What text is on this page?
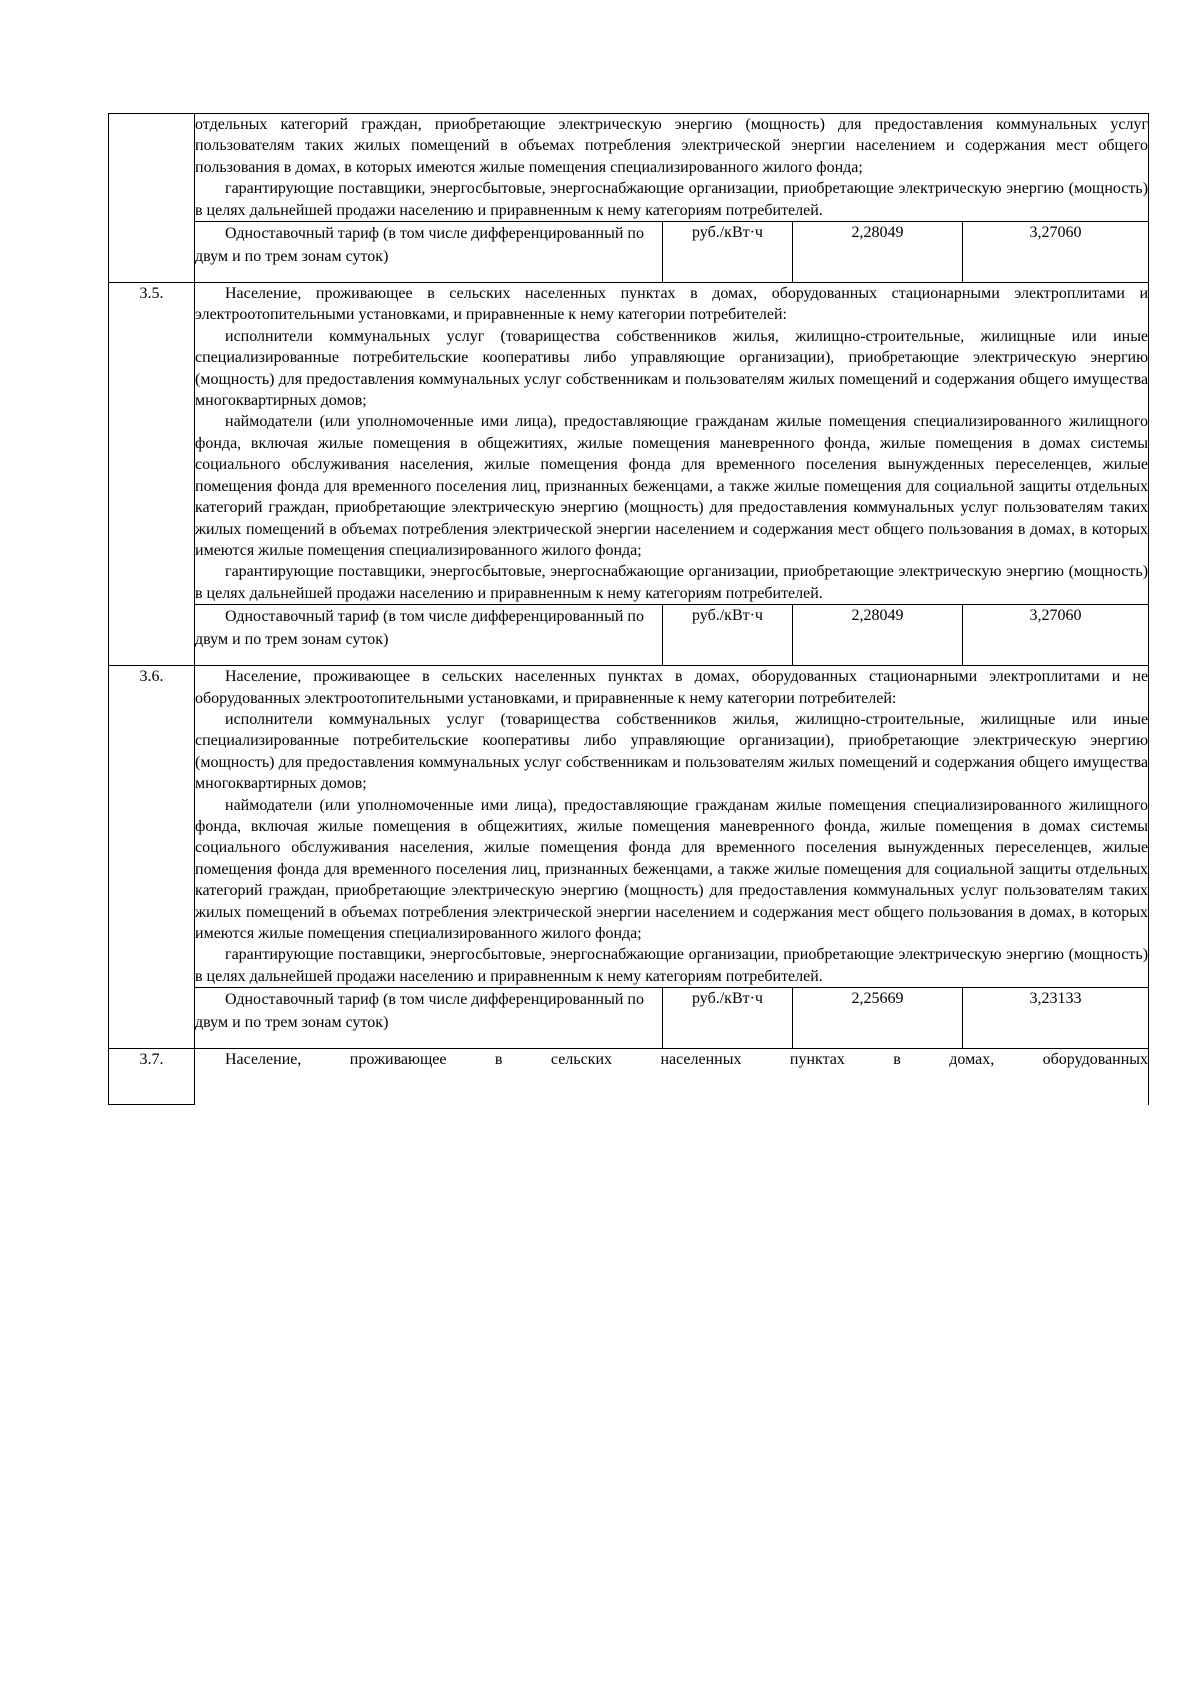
	отдельных категорий граждан, приобретающие электрическую энергию (мощность) для предоставления коммунальных услуг пользователям таких жилых помещений в объемах потребления электрической энергии населением и содержания мест общего пользования в домах, в которых имеются жилые помещения специализированного жилого фонда;

гарантирующие поставщики, энергосбытовые, энергоснабжающие организации, приобретающие электрическую энергию (мощность) в целях дальнейшей продажи населению и приравненным к нему категориям потребителей.			

	Одноставочный тариф (в том числе дифференцированный по двум и по трем зонам суток)	руб./кВт·ч	2,28049	3,27060
3.5.	Население, проживающее в сельских населенных пунктах в домах, оборудованных стационарными электроплитами и электроотопительными установками, и приравненные к нему категории потребителей:

исполнители коммунальных услуг (товарищества собственников жилья, жилищно-строительные, жилищные или иные специализированные потребительские кооперативы либо управляющие организации), приобретающие электрическую энергию (мощность) для предоставления коммунальных услуг собственникам и пользователям жилых помещений и содержания общего имущества многоквартирных домов;

наймодатели (или уполномоченные ими лица), предоставляющие гражданам жилые помещения специализированного жилищного фонда, включая жилые помещения в общежитиях, жилые помещения маневренного фонда, жилые помещения в домах системы социального обслуживания населения, жилые помещения фонда для временного поселения вынужденных переселенцев, жилые помещения фонда для временного поселения лиц, признанных беженцами, а также жилые помещения для социальной защиты отдельных категорий граждан, приобретающие электрическую энергию (мощность) для предоставления коммунальных услуг пользователям таких жилых помещений в объемах потребления электрической энергии населением и содержания мест общего пользования в домах, в которых имеются жилые помещения специализированного жилого фонда;

гарантирующие поставщики, энергосбытовые, энергоснабжающие организации, приобретающие электрическую энергию (мощность) в целях дальнейшей продажи населению и приравненным к нему категориям потребителей.			

	Одноставочный тариф (в том числе дифференцированный по двум и по трем зонам суток)	руб./кВт·ч	2,28049	3,27060
3.6.	Население, проживающее в сельских населенных пунктах в домах, оборудованных стационарными электроплитами и не оборудованных электроотопительными установками, и приравненные к нему категории потребителей:

исполнители коммунальных услуг (товарищества собственников жилья, жилищно-строительные, жилищные или иные специализированные потребительские кооперативы либо управляющие организации), приобретающие электрическую энергию (мощность) для предоставления коммунальных услуг собственникам и пользователям жилых помещений и содержания общего имущества многоквартирных домов;

наймодатели (или уполномоченные ими лица), предоставляющие гражданам жилые помещения специализированного жилищного фонда, включая жилые помещения в общежитиях, жилые помещения маневренного фонда, жилые помещения в домах системы социального обслуживания населения, жилые помещения фонда для временного поселения вынужденных переселенцев, жилые помещения фонда для временного поселения лиц, признанных беженцами, а также жилые помещения для социальной защиты отдельных категорий граждан, приобретающие электрическую энергию (мощность) для предоставления коммунальных услуг пользователям таких жилых помещений в объемах потребления электрической энергии населением и содержания мест общего пользования в домах, в которых имеются жилые помещения специализированного жилого фонда;

гарантирующие поставщики, энергосбытовые, энергоснабжающие организации, приобретающие электрическую энергию (мощность) в целях дальнейшей продажи населению и приравненным к нему категориям потребителей.			

	Одноставочный тариф (в том числе дифференцированный по двум и по трем зонам суток)	руб./кВт·ч	2,25669	3,23133
3.7.	Население, проживающее в сельских населенных пунктах в домах, оборудованных			
